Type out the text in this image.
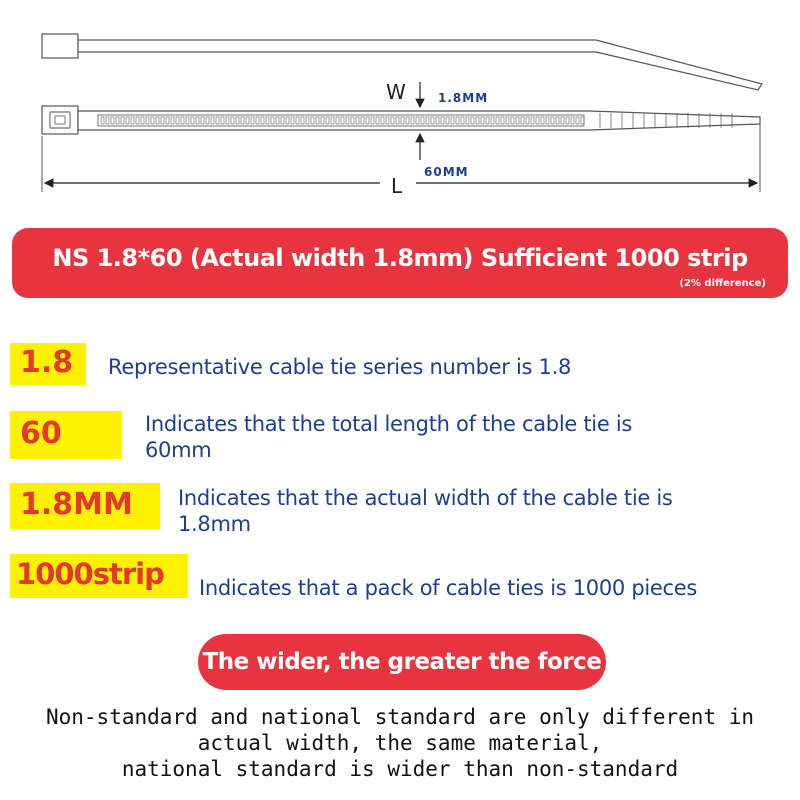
W	1.8MM
L
60MM
NS 1.8*60 (Actual width 1.8mm) Sufficient 1000 strip
(2% difference)
1.8	Representative cable tie series number is 1.8
60	Indicates that the total length of the cable tie is 60mm
1.8MM	Indicates that the actual width of the cable tie is 1.8mm
1000strip	Indicates that a pack of cable ties is 1000 pieces
The wider, the greater the force
Non-standard and national standard are only different in
actual width, the same material,
national standard is wider than non-standard
